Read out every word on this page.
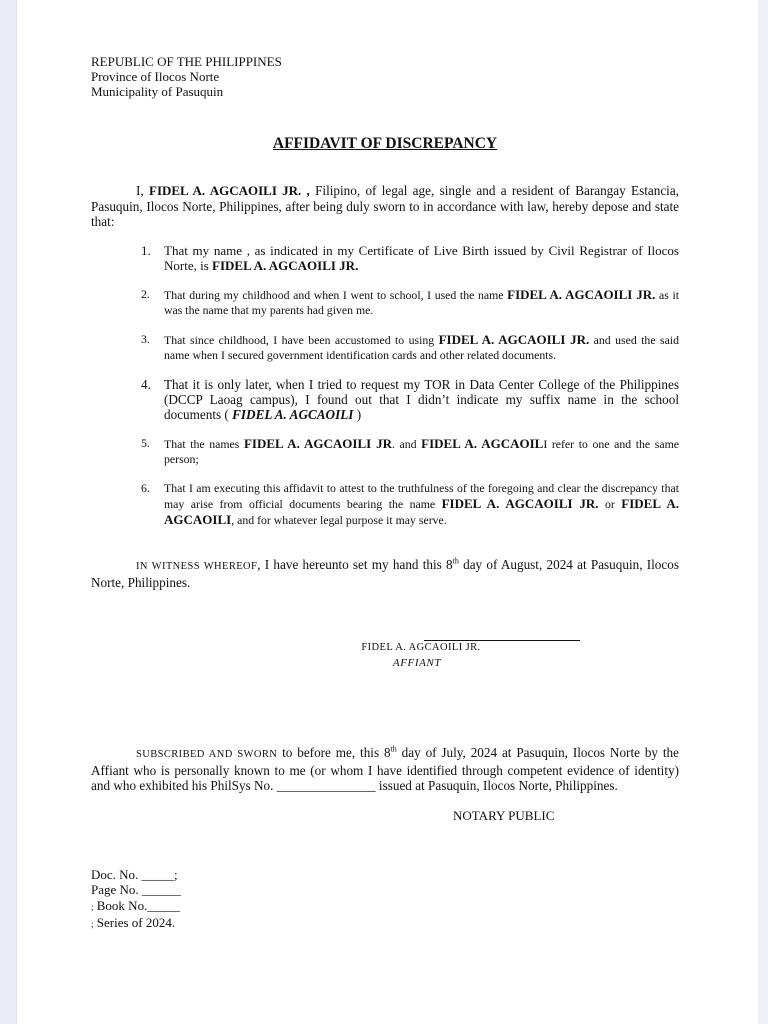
REPUBLIC OF THE PHILIPPINES
Province of Ilocos Norte
Municipality of Pasuquin
AFFIDAVIT OF DISCREPANCY
I, FIDEL A. AGCAOILI JR. , Filipino, of legal age, single and a resident of Barangay Estancia, Pasuquin, Ilocos Norte, Philippines, after being duly sworn to in accordance with law, hereby depose and state that:
1. That my name , as indicated in my Certificate of Live Birth issued by Civil Registrar of Ilocos Norte, is FIDEL A. AGCAOILI JR.
2. That during my childhood and when I went to school, I used the name FIDEL A. AGCAOILI JR. as it was the name that my parents had given me.
3. That since childhood, I have been accustomed to using FIDEL A. AGCAOILI JR. and used the said name when I secured government identification cards and other related documents.
4. That it is only later, when I tried to request my TOR in Data Center College of the Philippines (DCCP Laoag campus), I found out that I didn’t indicate my suffix name in the school documents ( FIDEL A. AGCAOILI )
5. That the names FIDEL A. AGCAOILI JR. and FIDEL A. AGCAOILI refer to one and the same person;
6. That I am executing this affidavit to attest to the truthfulness of the foregoing and clear the discrepancy that may arise from official documents bearing the name FIDEL A. AGCAOILI JR. or FIDEL A. AGCAOILI, and for whatever legal purpose it may serve.
IN WITNESS WHEREOF, I have hereunto set my hand this 8th day of August, 2024 at Pasuquin, Ilocos Norte, Philippines.
FIDEL A. AGCAOILI JR.
AFFIANT
SUBSCRIBED AND SWORN to before me, this 8th day of July, 2024 at Pasuquin, Ilocos Norte by the Affiant who is personally known to me (or whom I have identified through competent evidence of identity) and who exhibited his PhilSys No. _______________ issued at Pasuquin, Ilocos Norte, Philippines.
NOTARY PUBLIC
Doc. No. _____;
Page No. ______
; Book No._____
; Series of 2024.
